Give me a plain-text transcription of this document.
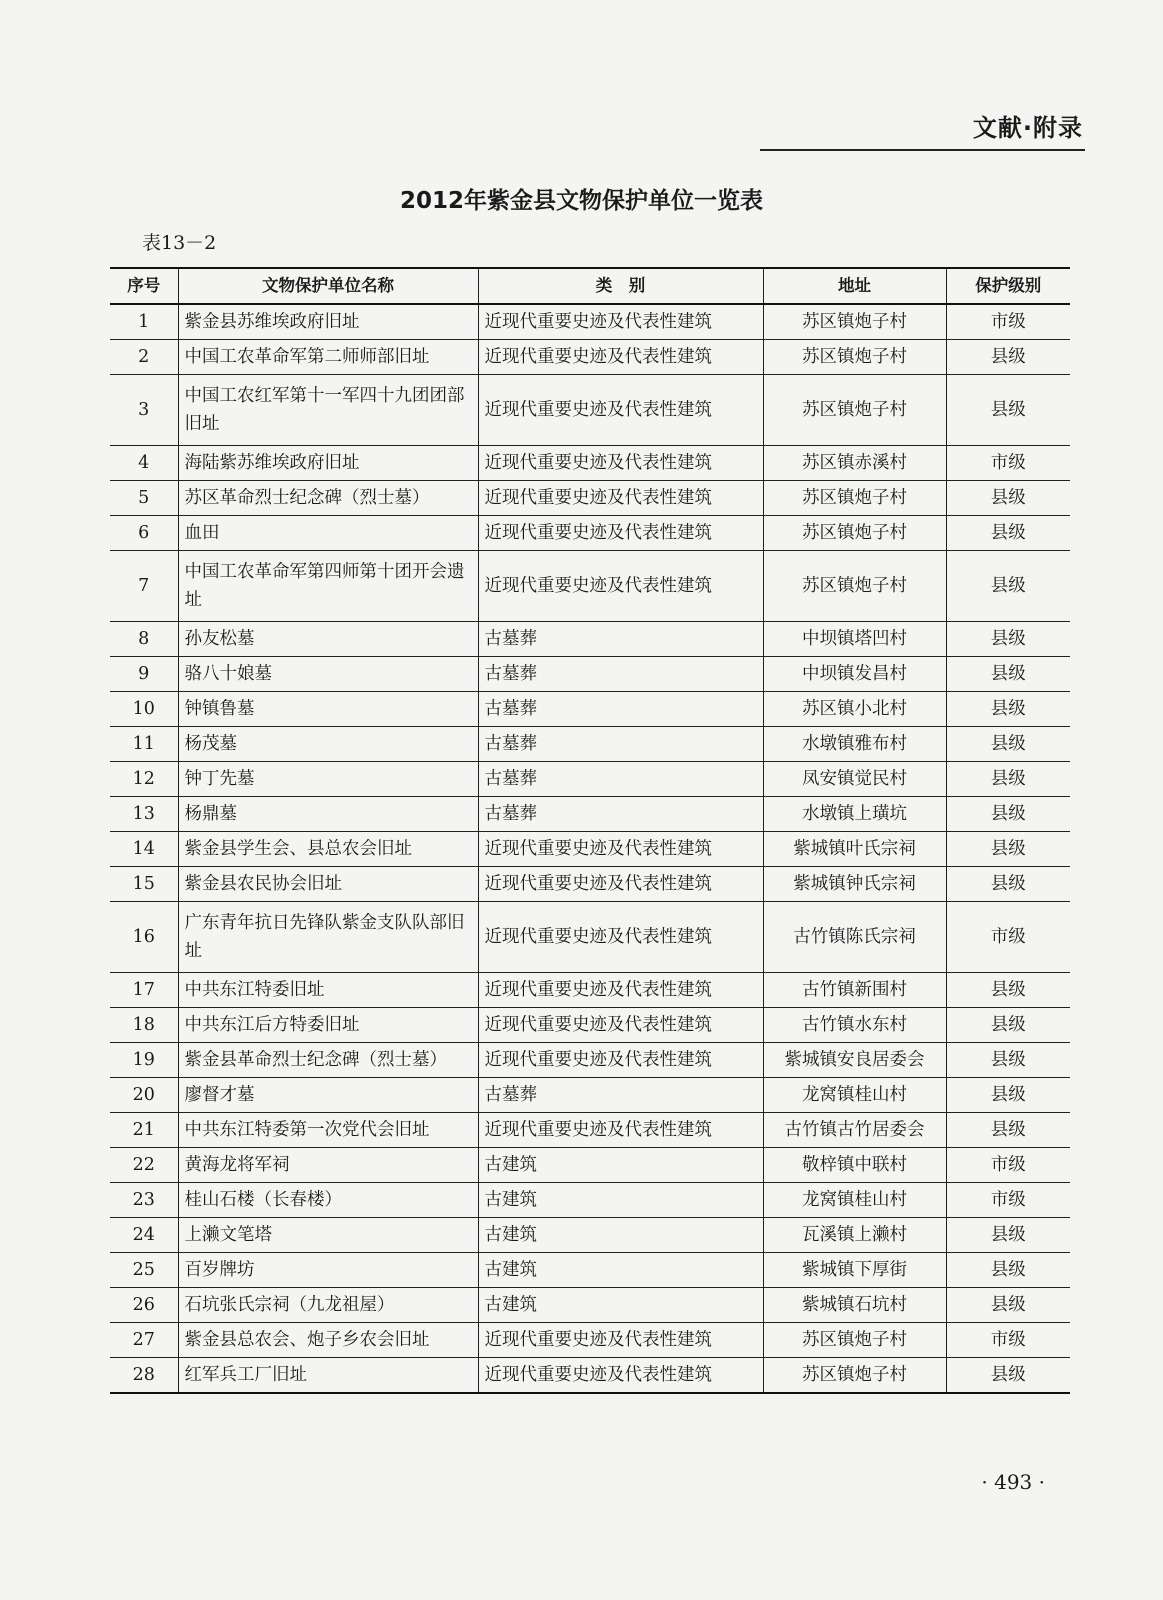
文献·附录
2012年紫金县文物保护单位一览表
表13－2
序号	文物保护单位名称	类　别	地址	保护级别
1	紫金县苏维埃政府旧址	近现代重要史迹及代表性建筑	苏区镇炮子村	市级
2	中国工农革命军第二师师部旧址	近现代重要史迹及代表性建筑	苏区镇炮子村	县级
3	中国工农红军第十一军四十九团团部旧址	近现代重要史迹及代表性建筑	苏区镇炮子村	县级
4	海陆紫苏维埃政府旧址	近现代重要史迹及代表性建筑	苏区镇赤溪村	市级
5	苏区革命烈士纪念碑（烈士墓）	近现代重要史迹及代表性建筑	苏区镇炮子村	县级
6	血田	近现代重要史迹及代表性建筑	苏区镇炮子村	县级
7	中国工农革命军第四师第十团开会遗址	近现代重要史迹及代表性建筑	苏区镇炮子村	县级
8	孙友松墓	古墓葬	中坝镇塔凹村	县级
9	骆八十娘墓	古墓葬	中坝镇发昌村	县级
10	钟镇鲁墓	古墓葬	苏区镇小北村	县级
11	杨茂墓	古墓葬	水墩镇雅布村	县级
12	钟丁先墓	古墓葬	凤安镇觉民村	县级
13	杨鼎墓	古墓葬	水墩镇上璜坑	县级
14	紫金县学生会、县总农会旧址	近现代重要史迹及代表性建筑	紫城镇叶氏宗祠	县级
15	紫金县农民协会旧址	近现代重要史迹及代表性建筑	紫城镇钟氏宗祠	县级
16	广东青年抗日先锋队紫金支队队部旧址	近现代重要史迹及代表性建筑	古竹镇陈氏宗祠	市级
17	中共东江特委旧址	近现代重要史迹及代表性建筑	古竹镇新围村	县级
18	中共东江后方特委旧址	近现代重要史迹及代表性建筑	古竹镇水东村	县级
19	紫金县革命烈士纪念碑（烈士墓）	近现代重要史迹及代表性建筑	紫城镇安良居委会	县级
20	廖督才墓	古墓葬	龙窝镇桂山村	县级
21	中共东江特委第一次党代会旧址	近现代重要史迹及代表性建筑	古竹镇古竹居委会	县级
22	黄海龙将军祠	古建筑	敬梓镇中联村	市级
23	桂山石楼（长春楼）	古建筑	龙窝镇桂山村	市级
24	上濑文笔塔	古建筑	瓦溪镇上濑村	县级
25	百岁牌坊	古建筑	紫城镇下厚街	县级
26	石坑张氏宗祠（九龙祖屋）	古建筑	紫城镇石坑村	县级
27	紫金县总农会、炮子乡农会旧址	近现代重要史迹及代表性建筑	苏区镇炮子村	市级
28	红军兵工厂旧址	近现代重要史迹及代表性建筑	苏区镇炮子村	县级
· 493 ·
